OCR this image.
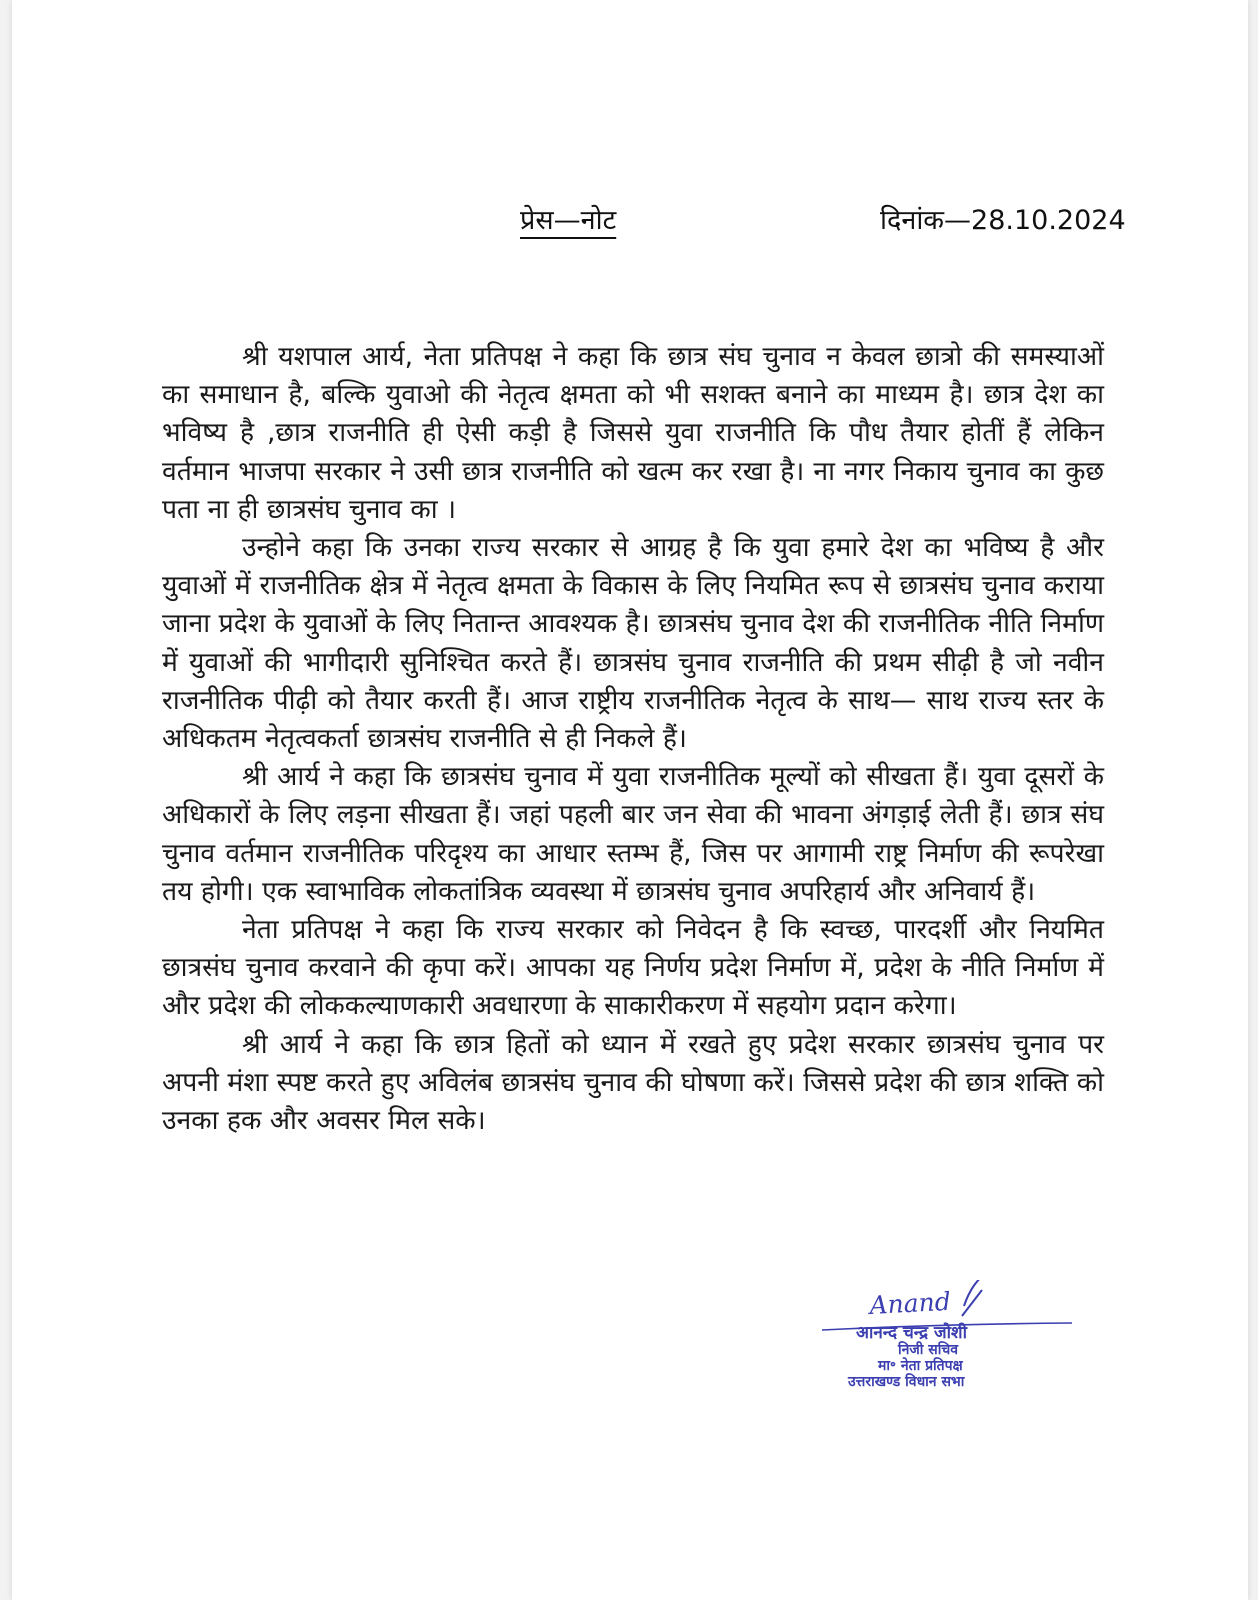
प्रेस—नोट	दिनांक—28.10.2024

श्री यशपाल आर्य, नेता प्रतिपक्ष ने कहा कि छात्र संघ चुनाव न केवल छात्रो की समस्याओं का समाधान है, बल्कि युवाओ की नेतृत्व क्षमता को भी सशक्त बनाने का माध्यम है। छात्र देश का भविष्य है ,छात्र राजनीति ही ऐसी कड़ी है जिससे युवा राजनीति कि पौध तैयार होतीं हैं लेकिन वर्तमान भाजपा सरकार ने उसी छात्र राजनीति को खत्म कर रखा है। ना नगर निकाय चुनाव का कुछ पता ना ही छात्रसंघ चुनाव का ।

उन्होने कहा कि उनका राज्य सरकार से आग्रह है कि युवा हमारे देश का भविष्य है और युवाओं में राजनीतिक क्षेत्र में नेतृत्व क्षमता के विकास के लिए नियमित रूप से छात्रसंघ चुनाव कराया जाना प्रदेश के युवाओं के लिए नितान्त आवश्यक है। छात्रसंघ चुनाव देश की राजनीतिक नीति निर्माण में युवाओं की भागीदारी सुनिश्चित करते हैं। छात्रसंघ चुनाव राजनीति की प्रथम सीढ़ी है जो नवीन राजनीतिक पीढ़ी को तैयार करती हैं। आज राष्ट्रीय राजनीतिक नेतृत्व के साथ— साथ राज्य स्तर के अधिकतम नेतृत्वकर्ता छात्रसंघ राजनीति से ही निकले हैं।

श्री आर्य ने कहा कि छात्रसंघ चुनाव में युवा राजनीतिक मूल्यों को सीखता हैं। युवा दूसरों के अधिकारों के लिए लड़ना सीखता हैं। जहां पहली बार जन सेवा की भावना अंगड़ाई लेती हैं। छात्र संघ चुनाव वर्तमान राजनीतिक परिदृश्य का आधार स्तम्भ हैं, जिस पर आगामी राष्ट्र निर्माण की रूपरेखा तय होगी। एक स्वाभाविक लोकतांत्रिक व्यवस्था में छात्रसंघ चुनाव अपरिहार्य और अनिवार्य हैं।

नेता प्रतिपक्ष ने कहा कि राज्य सरकार को निवेदन है कि स्वच्छ, पारदर्शी और नियमित छात्रसंघ चुनाव करवाने की कृपा करें। आपका यह निर्णय प्रदेश निर्माण में, प्रदेश के नीति निर्माण में और प्रदेश की लोककल्याणकारी अवधारणा के साकारीकरण में सहयोग प्रदान करेगा।

श्री आर्य ने कहा कि छात्र हितों को ध्यान में रखते हुए प्रदेश सरकार छात्रसंघ चुनाव पर अपनी मंशा स्पष्ट करते हुए अविलंब छात्रसंघ चुनाव की घोषणा करें। जिससे प्रदेश की छात्र शक्ति को उनका हक और अवसर मिल सके।

Anand
आनन्द चन्द्र जोशी
निजी सचिव
मा॰ नेता प्रतिपक्ष
उत्तराखण्ड विधान सभा
